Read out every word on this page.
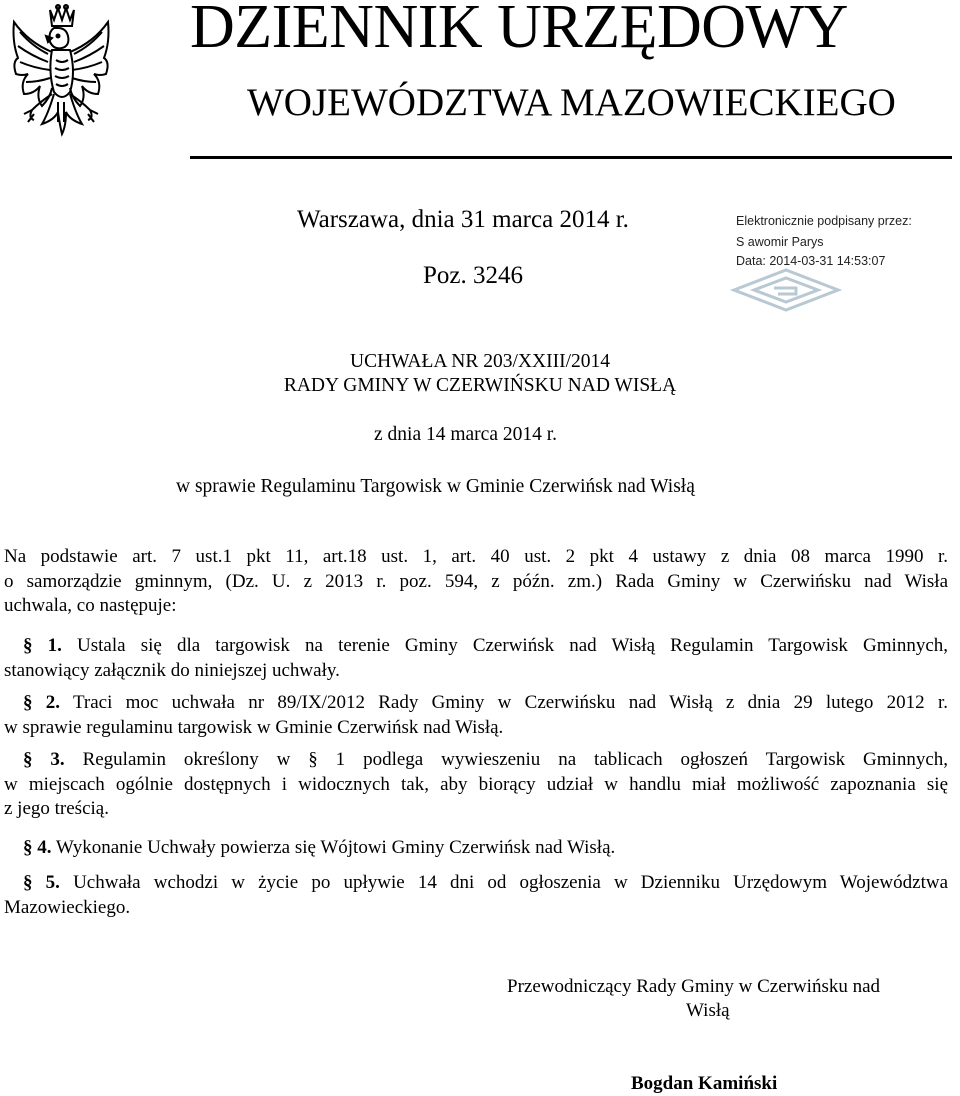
DZIENNIK URZĘDOWY
WOJEWÓDZTWA MAZOWIECKIEGO
Warszawa, dnia 31 marca 2014 r.
Poz. 3246
Elektronicznie podpisany przez:
S awomir Parys
Data: 2014-03-31 14:53:07
UCHWAŁA NR 203/XXIII/2014
RADY GMINY W CZERWIŃSKU NAD WISŁĄ
z dnia 14 marca 2014 r.
w sprawie Regulaminu Targowisk w Gminie Czerwińsk nad Wisłą
Na podstawie art. 7 ust.1 pkt 11, art.18 ust. 1, art. 40 ust. 2 pkt 4 ustawy z dnia 08 marca 1990 r.
o samorządzie gminnym, (Dz. U. z 2013 r. poz. 594, z późn. zm.) Rada Gminy w Czerwińsku nad Wisła
uchwala, co następuje:
 § 1. Ustala się dla targowisk na terenie Gminy Czerwińsk nad Wisłą Regulamin Targowisk Gminnych,
stanowiący załącznik do niniejszej uchwały.
 § 2. Traci moc uchwała nr 89/IX/2012 Rady Gminy w Czerwińsku nad Wisłą z dnia 29 lutego 2012 r.
w sprawie regulaminu targowisk w Gminie Czerwińsk nad Wisłą.
 § 3. Regulamin określony w § 1 podlega wywieszeniu na tablicach ogłoszeń Targowisk Gminnych,
w miejscach ogólnie dostępnych i widocznych tak, aby biorący udział w handlu miał możliwość zapoznania się
z jego treścią.
 § 4. Wykonanie Uchwały powierza się Wójtowi Gminy Czerwińsk nad Wisłą.
 § 5. Uchwała wchodzi w życie po upływie 14 dni od ogłoszenia w Dzienniku Urzędowym Województwa
Mazowieckiego.
Przewodniczący Rady Gminy w Czerwińsku nad
Wisłą
Bogdan Kamiński
